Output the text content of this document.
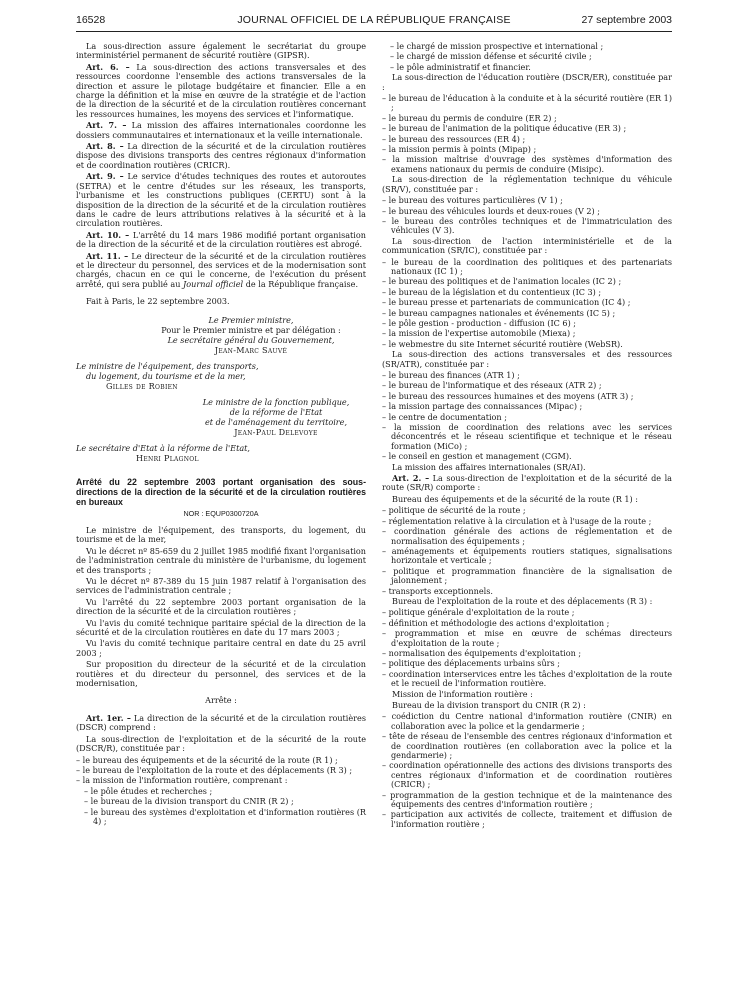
16528	JOURNAL OFFICIEL DE LA RÉPUBLIQUE FRANÇAISE	27 septembre 2003

La sous-direction assure également le secrétariat du groupe interministériel permanent de sécurité routière (GIPSR).

Art. 6. – La sous-direction des actions transversales et des ressources coordonne l'ensemble des actions transversales de la direction et assure le pilotage budgétaire et financier. Elle a en charge la définition et la mise en œuvre de la stratégie et de l'action de la direction de la sécurité et de la circulation routières concernant les ressources humaines, les moyens des services et l'informatique.

Art. 7. – La mission des affaires internationales coordonne les dossiers communautaires et internationaux et la veille internationale.

Art. 8. – La direction de la sécurité et de la circulation routières dispose des divisions transports des centres régionaux d'information et de coordination routières (CRICR).

Art. 9. – Le service d'études techniques des routes et autoroutes (SETRA) et le centre d'études sur les réseaux, les transports, l'urbanisme et les constructions publiques (CERTU) sont à la disposition de la direction de la sécurité et de la circulation routières dans le cadre de leurs attributions relatives à la sécurité et à la circulation routières.

Art. 10. – L'arrêté du 14 mars 1986 modifié portant organisation de la direction de la sécurité et de la circulation routières est abrogé.

Art. 11. – Le directeur de la sécurité et de la circulation routières et le directeur du personnel, des services et de la modernisation sont chargés, chacun en ce qui le concerne, de l'exécution du présent arrêté, qui sera publié au Journal officiel de la République française.

Fait à Paris, le 22 septembre 2003.

Le Premier ministre,

Pour le Premier ministre et par délégation :

Le secrétaire général du Gouvernement,

Jean-Marc Sauvé

Le ministre de l'équipement, des transports,

du logement, du tourisme et de la mer,

Gilles de Robien

Le ministre de la fonction publique,

de la réforme de l'Etat

et de l'aménagement du territoire,

Jean-Paul Delevoye

Le secrétaire d'Etat à la réforme de l'Etat,

Henri Plagnol

Arrêté du 22 septembre 2003 portant organisation des sous-directions de la direction de la sécurité et de la circulation routières en bureaux

NOR : EQUP0300720A

Le ministre de l'équipement, des transports, du logement, du tourisme et de la mer,

Vu le décret nº 85-659 du 2 juillet 1985 modifié fixant l'organisation de l'administration centrale du ministère de l'urbanisme, du logement et des transports ;

Vu le décret nº 87-389 du 15 juin 1987 relatif à l'organisation des services de l'administration centrale ;

Vu l'arrêté du 22 septembre 2003 portant organisation de la direction de la sécurité et de la circulation routières ;

Vu l'avis du comité technique paritaire spécial de la direction de la sécurité et de la circulation routières en date du 17 mars 2003 ;

Vu l'avis du comité technique paritaire central en date du 25 avril 2003 ;

Sur proposition du directeur de la sécurité et de la circulation routières et du directeur du personnel, des services et de la modernisation,

Arrête :

Art. 1er. – La direction de la sécurité et de la circulation routières (DSCR) comprend :

La sous-direction de l'exploitation et de la sécurité de la route (DSCR/R), constituée par :

– le bureau des équipements et de la sécurité de la route (R 1) ;

– le bureau de l'exploitation de la route et des déplacements (R 3) ;

– la mission de l'information routière, comprenant :

– le pôle études et recherches ;

– le bureau de la division transport du CNIR (R 2) ;

– le bureau des systèmes d'exploitation et d'information routières (R 4) ;

– le chargé de mission prospective et international ;

– le chargé de mission défense et sécurité civile ;

– le pôle administratif et financier.

La sous-direction de l'éducation routière (DSCR/ER), constituée par :

– le bureau de l'éducation à la conduite et à la sécurité routière (ER 1) ;

– le bureau du permis de conduire (ER 2) ;

– le bureau de l'animation de la politique éducative (ER 3) ;

– le bureau des ressources (ER 4) ;

– la mission permis à points (Mipap) ;

– la mission maîtrise d'ouvrage des systèmes d'information des examens nationaux du permis de conduire (Misipc).

La sous-direction de la réglementation technique du véhicule (SR/V), constituée par :

– le bureau des voitures particulières (V 1) ;

– le bureau des véhicules lourds et deux-roues (V 2) ;

– le bureau des contrôles techniques et de l'immatriculation des véhicules (V 3).

La sous-direction de l'action interministérielle et de la communication (SR/IC), constituée par :

– le bureau de la coordination des politiques et des partenariats nationaux (IC 1) ;

– le bureau des politiques et de l'animation locales (IC 2) ;

– le bureau de la législation et du contentieux (IC 3) ;

– le bureau presse et partenariats de communication (IC 4) ;

– le bureau campagnes nationales et événements (IC 5) ;

– le pôle gestion - production - diffusion (IC 6) ;

– la mission de l'expertise automobile (Miexa) ;

– le webmestre du site Internet sécurité routière (WebSR).

La sous-direction des actions transversales et des ressources (SR/ATR), constituée par :

– le bureau des finances (ATR 1) ;

– le bureau de l'informatique et des réseaux (ATR 2) ;

– le bureau des ressources humaines et des moyens (ATR 3) ;

– la mission partage des connaissances (Mipac) ;

– le centre de documentation ;

– la mission de coordination des relations avec les services déconcentrés et le réseau scientifique et technique et le réseau formation (MiCo) ;

– le conseil en gestion et management (CGM).

La mission des affaires internationales (SR/AI).

Art. 2. – La sous-direction de l'exploitation et de la sécurité de la route (SR/R) comporte :

Bureau des équipements et de la sécurité de la route (R 1) :

– politique de sécurité de la route ;

– réglementation relative à la circulation et à l'usage de la route ;

– coordination générale des actions de réglementation et de normalisation des équipements ;

– aménagements et équipements routiers statiques, signalisations horizontale et verticale ;

– politique et programmation financière de la signalisation de jalonnement ;

– transports exceptionnels.

Bureau de l'exploitation de la route et des déplacements (R 3) :

– politique générale d'exploitation de la route ;

– définition et méthodologie des actions d'exploitation ;

– programmation et mise en œuvre de schémas directeurs d'exploitation de la route ;

– normalisation des équipements d'exploitation ;

– politique des déplacements urbains sûrs ;

– coordination interservices entre les tâches d'exploitation de la route et le recueil de l'information routière.

Mission de l'information routière :

Bureau de la division transport du CNIR (R 2) :

– coédiction du Centre national d'information routière (CNIR) en collaboration avec la police et la gendarmerie ;

– tête de réseau de l'ensemble des centres régionaux d'information et de coordination routières (en collaboration avec la police et la gendarmerie) ;

– coordination opérationnelle des actions des divisions transports des centres régionaux d'information et de coordination routières (CRICR) ;

– programmation de la gestion technique et de la maintenance des équipements des centres d'information routière ;

– participation aux activités de collecte, traitement et diffusion de l'information routière ;
